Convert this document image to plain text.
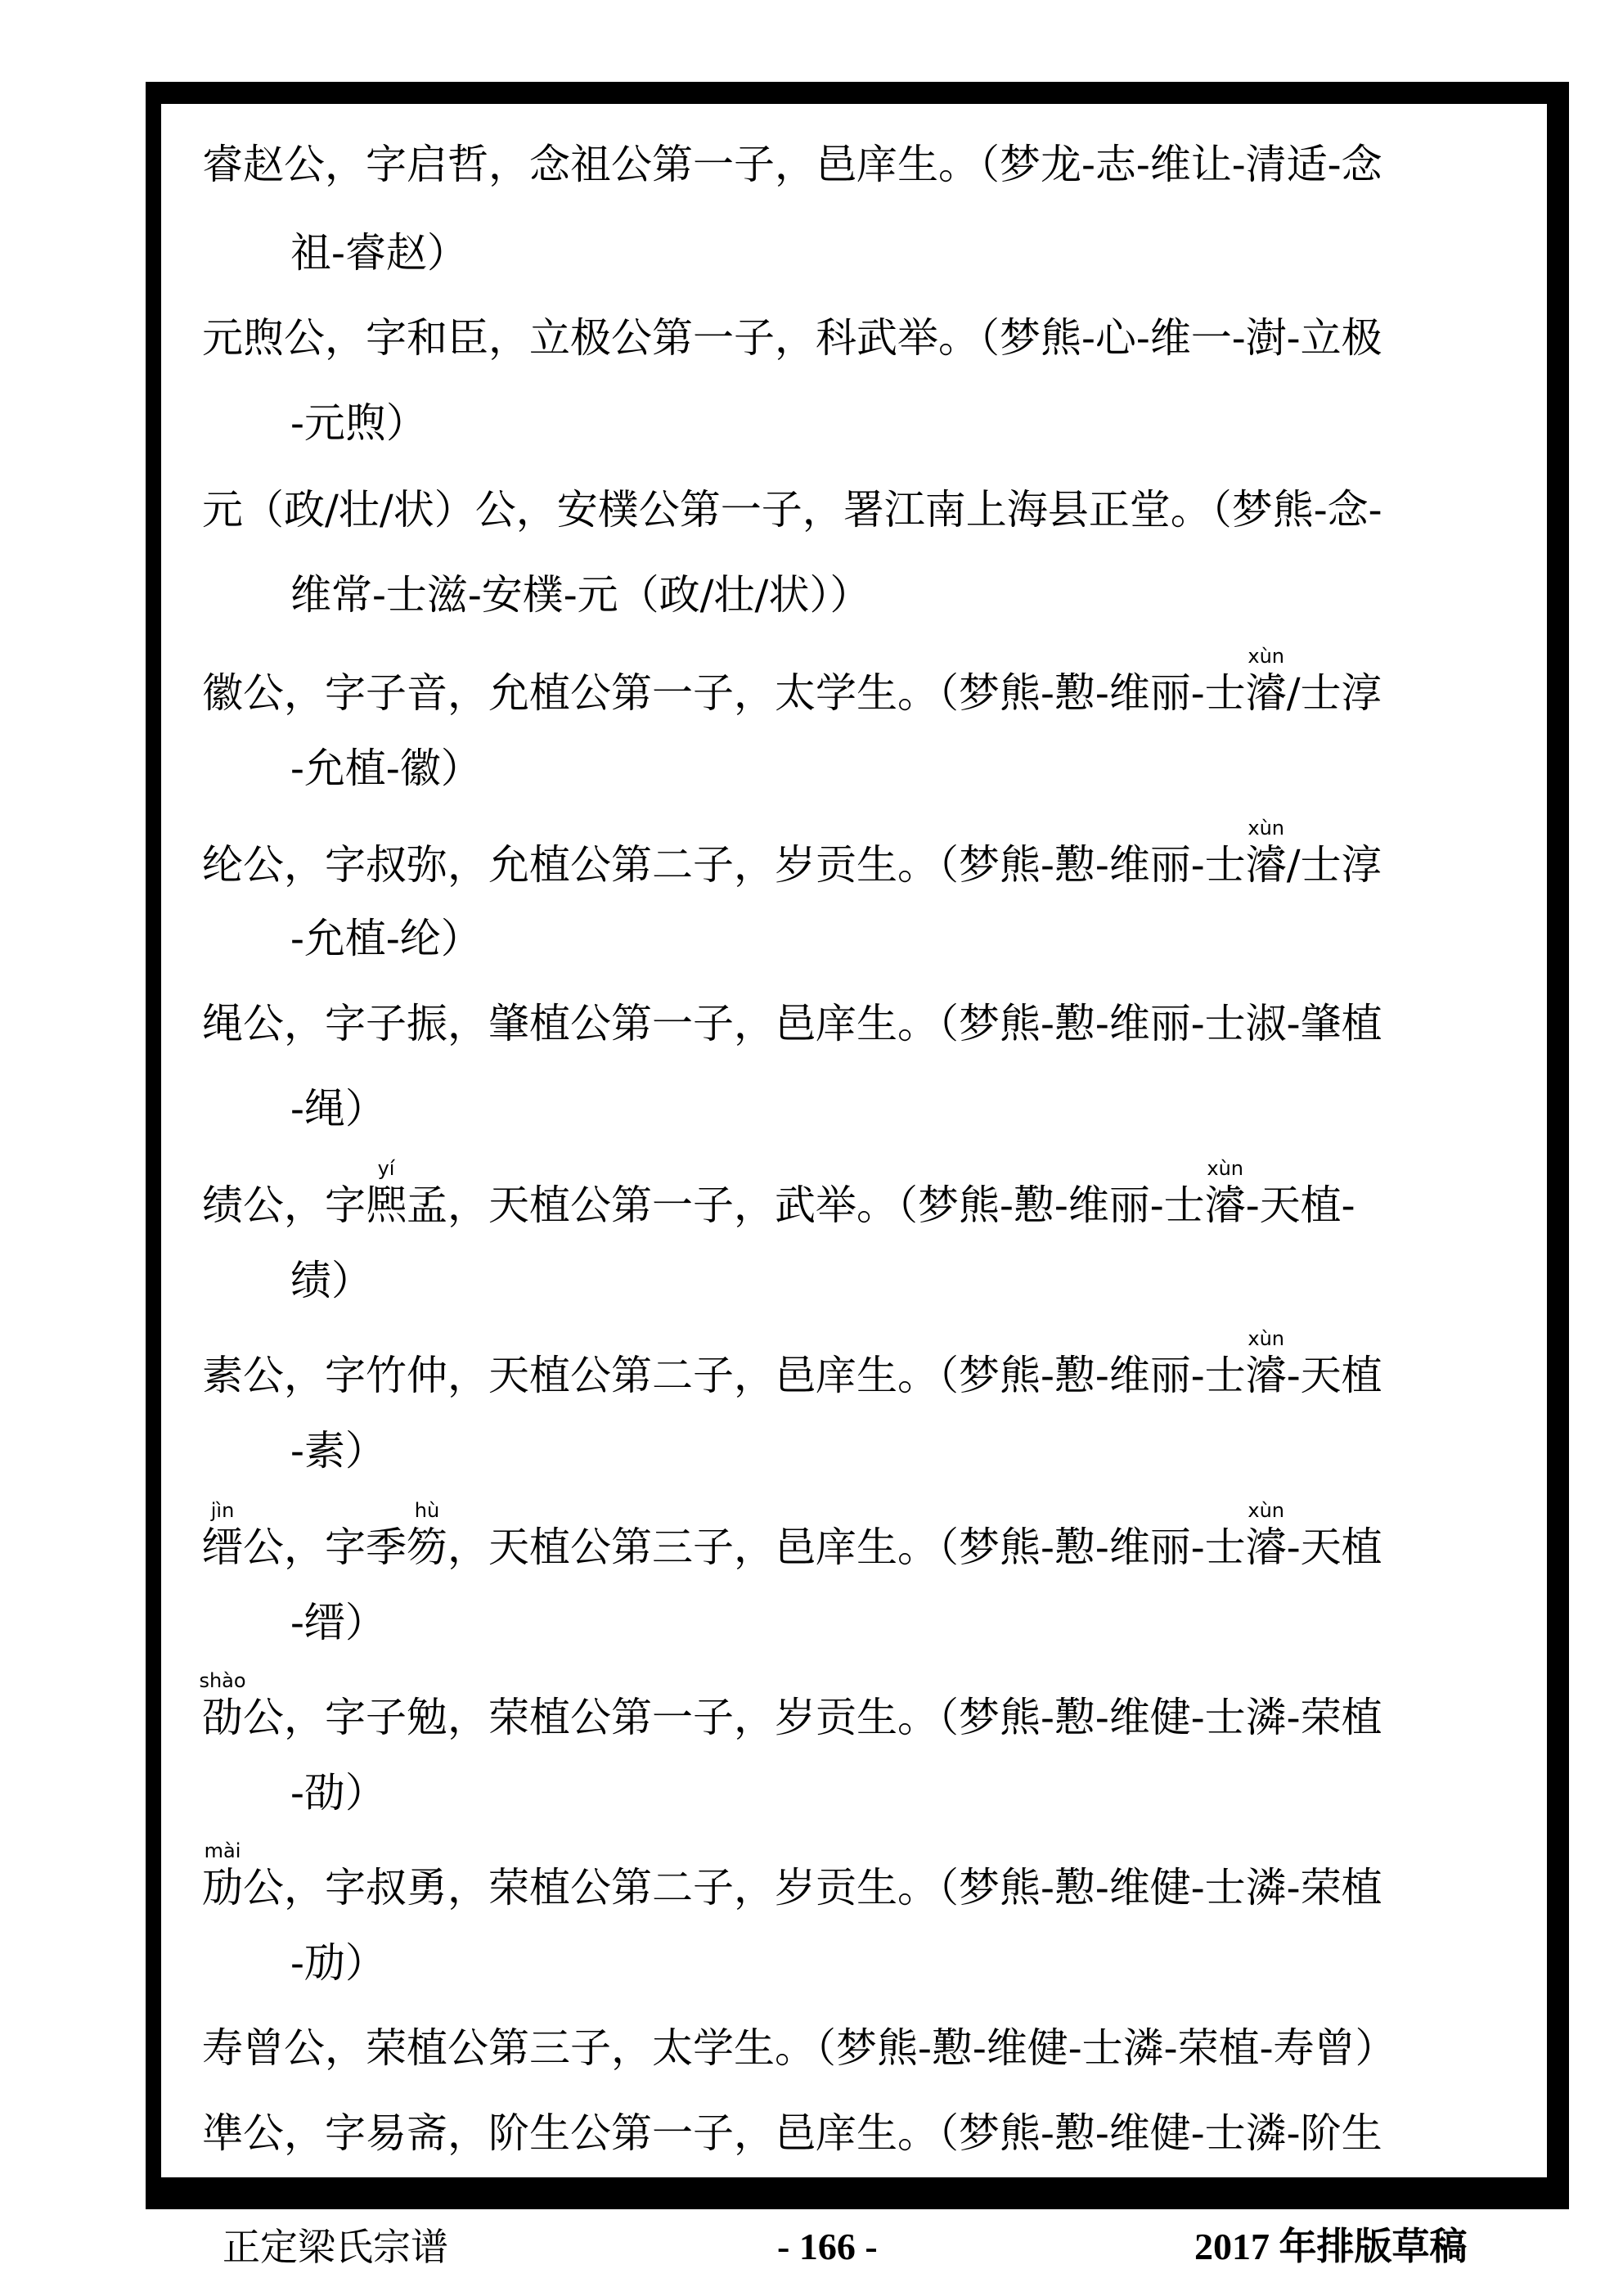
睿赵公，字启哲，念祖公第一子，邑庠生。（梦龙-志-维让-清适-念
祖-睿赵）
元煦公，字和臣，立极公第一子，科武举。（梦熊-心-维一-澍-立极
-元煦）
元（政/壮/状）公，安樸公第一子，署江南上海县正堂。（梦熊-念-
维常-士滋-安樸-元（政/壮/状））
徽公，字子音，允植公第一子，太学生。（梦熊-懃-维丽-士
xùn
濬/士淳
-允植-徽）
纶公，字叔弥，允植公第二子，岁贡生。（梦熊-懃-维丽-士
xùn
濬/士淳
-允植-纶）
绳公，字子振，肇植公第一子，邑庠生。（梦熊-懃-维丽-士淑-肇植
-绳）
绩公，字
yí
熈孟，天植公第一子，武举。（梦熊-懃-维丽-士
xùn
濬-天植-
绩）
素公，字竹仲，天植公第二子，邑庠生。（梦熊-懃-维丽-士
xùn
濬-天植
-素）
jìn
缙公，字季
hù
笏，天植公第三子，邑庠生。（梦熊-懃-维丽-士
xùn
濬-天植
-缙）
shào
劭公，字子勉，荣植公第一子，岁贡生。（梦熊-懃-维健-士潾-荣植
-劭）
mài
劢公，字叔勇，荣植公第二子，岁贡生。（梦熊-懃-维健-士潾-荣植
-劢）
寿曾公，荣植公第三子，太学生。（梦熊-懃-维健-士潾-荣植-寿曾）
凖公，字易斋，阶生公第一子，邑庠生。（梦熊-懃-维健-士潾-阶生
正定梁氏宗谱	- 166 -	2017 年排版草稿
